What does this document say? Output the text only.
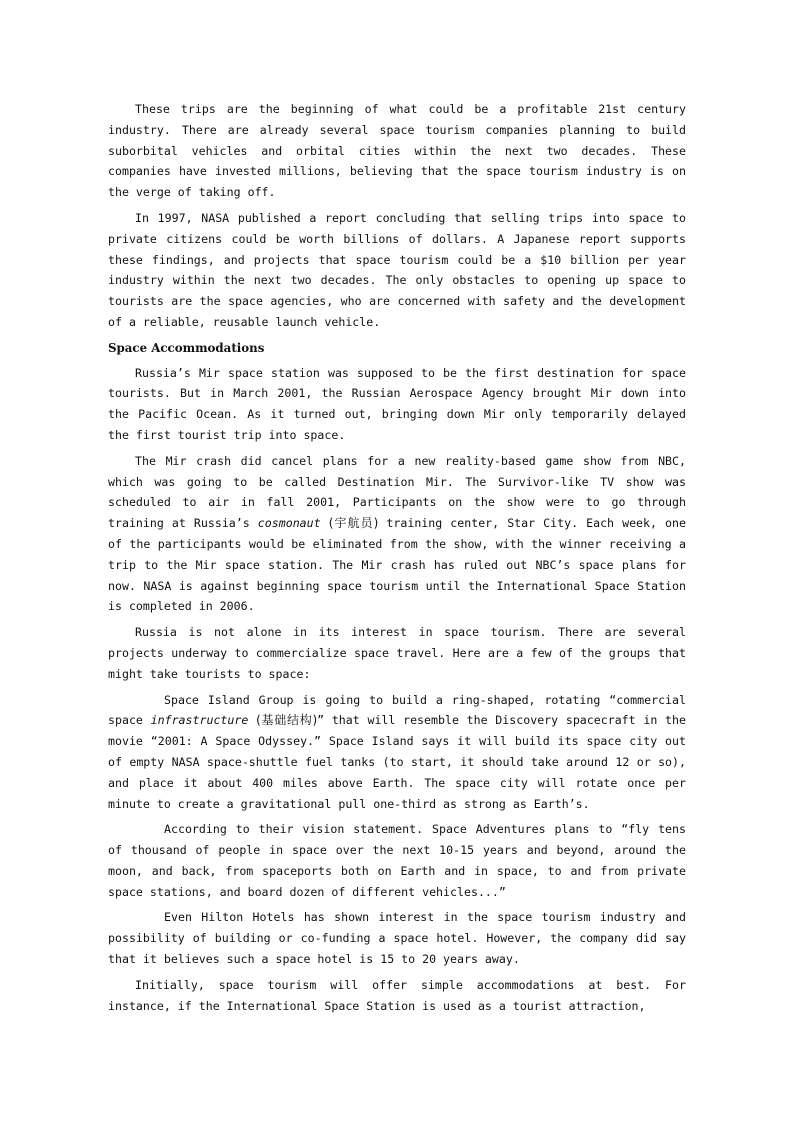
These trips are the beginning of what could be a profitable 21st century industry. There are already several space tourism companies planning to build suborbital vehicles and orbital cities within the next two decades. These companies have invested millions, believing that the space tourism industry is on the verge of taking off.

In 1997, NASA published a report concluding that selling trips into space to private citizens could be worth billions of dollars. A Japanese report supports these findings, and projects that space tourism could be a $10 billion per year industry within the next two decades. The only obstacles to opening up space to tourists are the space agencies, who are concerned with safety and the development of a reliable, reusable launch vehicle.

Space Accommodations

Russia’s Mir space station was supposed to be the first destination for space tourists. But in March 2001, the Russian Aerospace Agency brought Mir down into the Pacific Ocean. As it turned out, bringing down Mir only temporarily delayed the first tourist trip into space.

The Mir crash did cancel plans for a new reality-based game show from NBC, which was going to be called Destination Mir. The Survivor-like TV show was scheduled to air in fall 2001, Participants on the show were to go through training at Russia’s cosmonaut (宇航员) training center, Star City. Each week, one of the participants would be eliminated from the show, with the winner receiving a trip to the Mir space station. The Mir crash has ruled out NBC’s space plans for now. NASA is against beginning space tourism until the International Space Station is completed in 2006.

Russia is not alone in its interest in space tourism. There are several projects underway to commercialize space travel. Here are a few of the groups that might take tourists to space:

Space Island Group is going to build a ring-shaped, rotating “commercial space infrastructure (基础结构)” that will resemble the Discovery spacecraft in the movie “2001: A Space Odyssey.” Space Island says it will build its space city out of empty NASA space-shuttle fuel tanks (to start, it should take around 12 or so), and place it about 400 miles above Earth. The space city will rotate once per minute to create a gravitational pull one-third as strong as Earth’s.

According to their vision statement. Space Adventures plans to “fly tens of thousand of people in space over the next 10-15 years and beyond, around the moon, and back, from spaceports both on Earth and in space, to and from private space stations, and board dozen of different vehicles...”

Even Hilton Hotels has shown interest in the space tourism industry and possibility of building or co-funding a space hotel. However, the company did say that it believes such a space hotel is 15 to 20 years away.

Initially, space tourism will offer simple accommodations at best. For instance, if the International Space Station is used as a tourist attraction,
